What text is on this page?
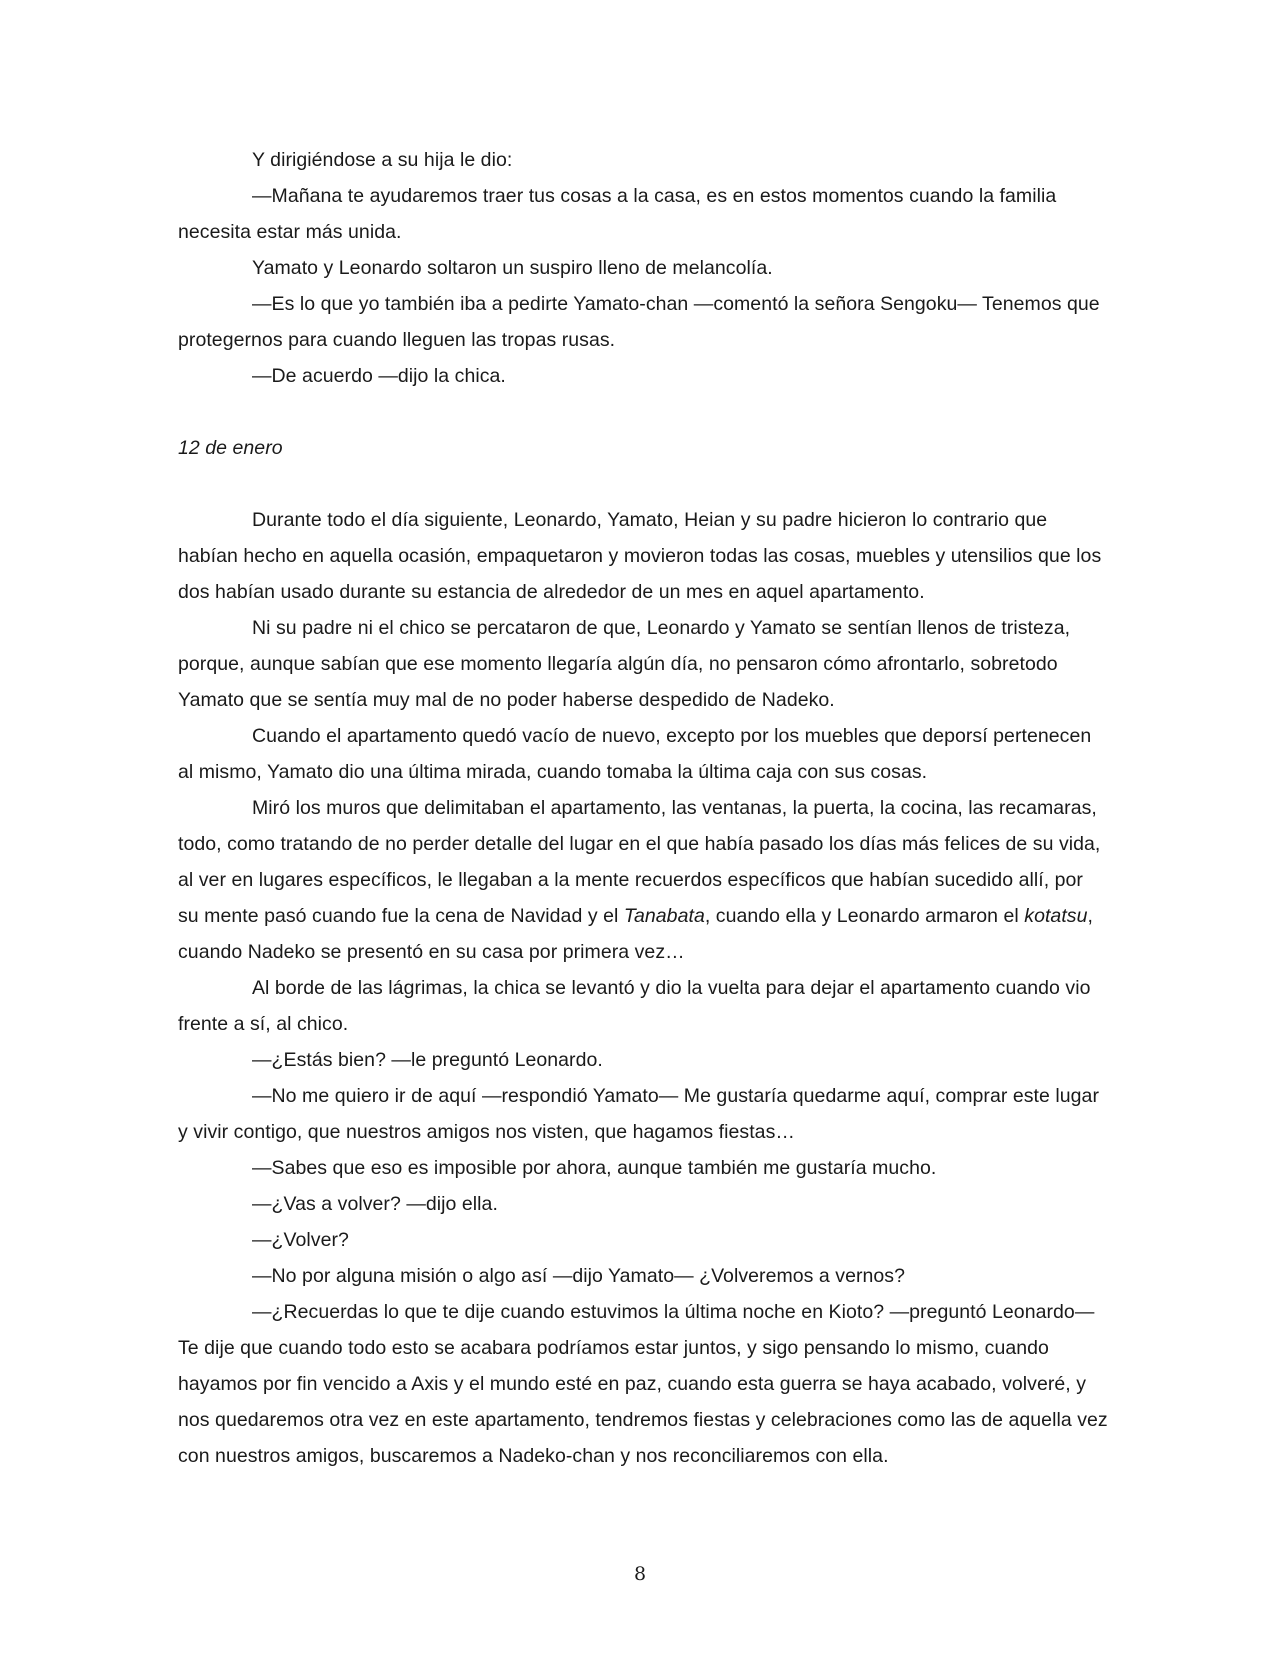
Y dirigiéndose a su hija le dio:

—Mañana te ayudaremos traer tus cosas a la casa, es en estos momentos cuando la familia necesita estar más unida.

Yamato y Leonardo soltaron un suspiro lleno de melancolía.

—Es lo que yo también iba a pedirte Yamato-chan —comentó la señora Sengoku— Tenemos que protegernos para cuando lleguen las tropas rusas.

—De acuerdo —dijo la chica.

12 de enero

Durante todo el día siguiente, Leonardo, Yamato, Heian y su padre hicieron lo contrario que habían hecho en aquella ocasión, empaquetaron y movieron todas las cosas, muebles y utensilios que los dos habían usado durante su estancia de alrededor de un mes en aquel apartamento.

Ni su padre ni el chico se percataron de que, Leonardo y Yamato se sentían llenos de tristeza, porque, aunque sabían que ese momento llegaría algún día, no pensaron cómo afrontarlo, sobretodo Yamato que se sentía muy mal de no poder haberse despedido de Nadeko.

Cuando el apartamento quedó vacío de nuevo, excepto por los muebles que deporsí pertenecen al mismo, Yamato dio una última mirada, cuando tomaba la última caja con sus cosas.

Miró los muros que delimitaban el apartamento, las ventanas, la puerta, la cocina, las recamaras, todo, como tratando de no perder detalle del lugar en el que había pasado los días más felices de su vida, al ver en lugares específicos, le llegaban a la mente recuerdos específicos que habían sucedido allí, por su mente pasó cuando fue la cena de Navidad y el Tanabata, cuando ella y Leonardo armaron el kotatsu, cuando Nadeko se presentó en su casa por primera vez…

Al borde de las lágrimas, la chica se levantó y dio la vuelta para dejar el apartamento cuando vio frente a sí, al chico.

—¿Estás bien? —le preguntó Leonardo.

—No me quiero ir de aquí —respondió Yamato— Me gustaría quedarme aquí, comprar este lugar y vivir contigo, que nuestros amigos nos visten, que hagamos fiestas…

—Sabes que eso es imposible por ahora, aunque también me gustaría mucho.

—¿Vas a volver? —dijo ella.

—¿Volver?

—No por alguna misión o algo así —dijo Yamato— ¿Volveremos a vernos?

—¿Recuerdas lo que te dije cuando estuvimos la última noche en Kioto? —preguntó Leonardo— Te dije que cuando todo esto se acabara podríamos estar juntos, y sigo pensando lo mismo, cuando hayamos por fin vencido a Axis y el mundo esté en paz, cuando esta guerra se haya acabado, volveré, y nos quedaremos otra vez en este apartamento, tendremos fiestas y celebraciones como las de aquella vez con nuestros amigos, buscaremos a Nadeko-chan y nos reconciliaremos con ella.

8
